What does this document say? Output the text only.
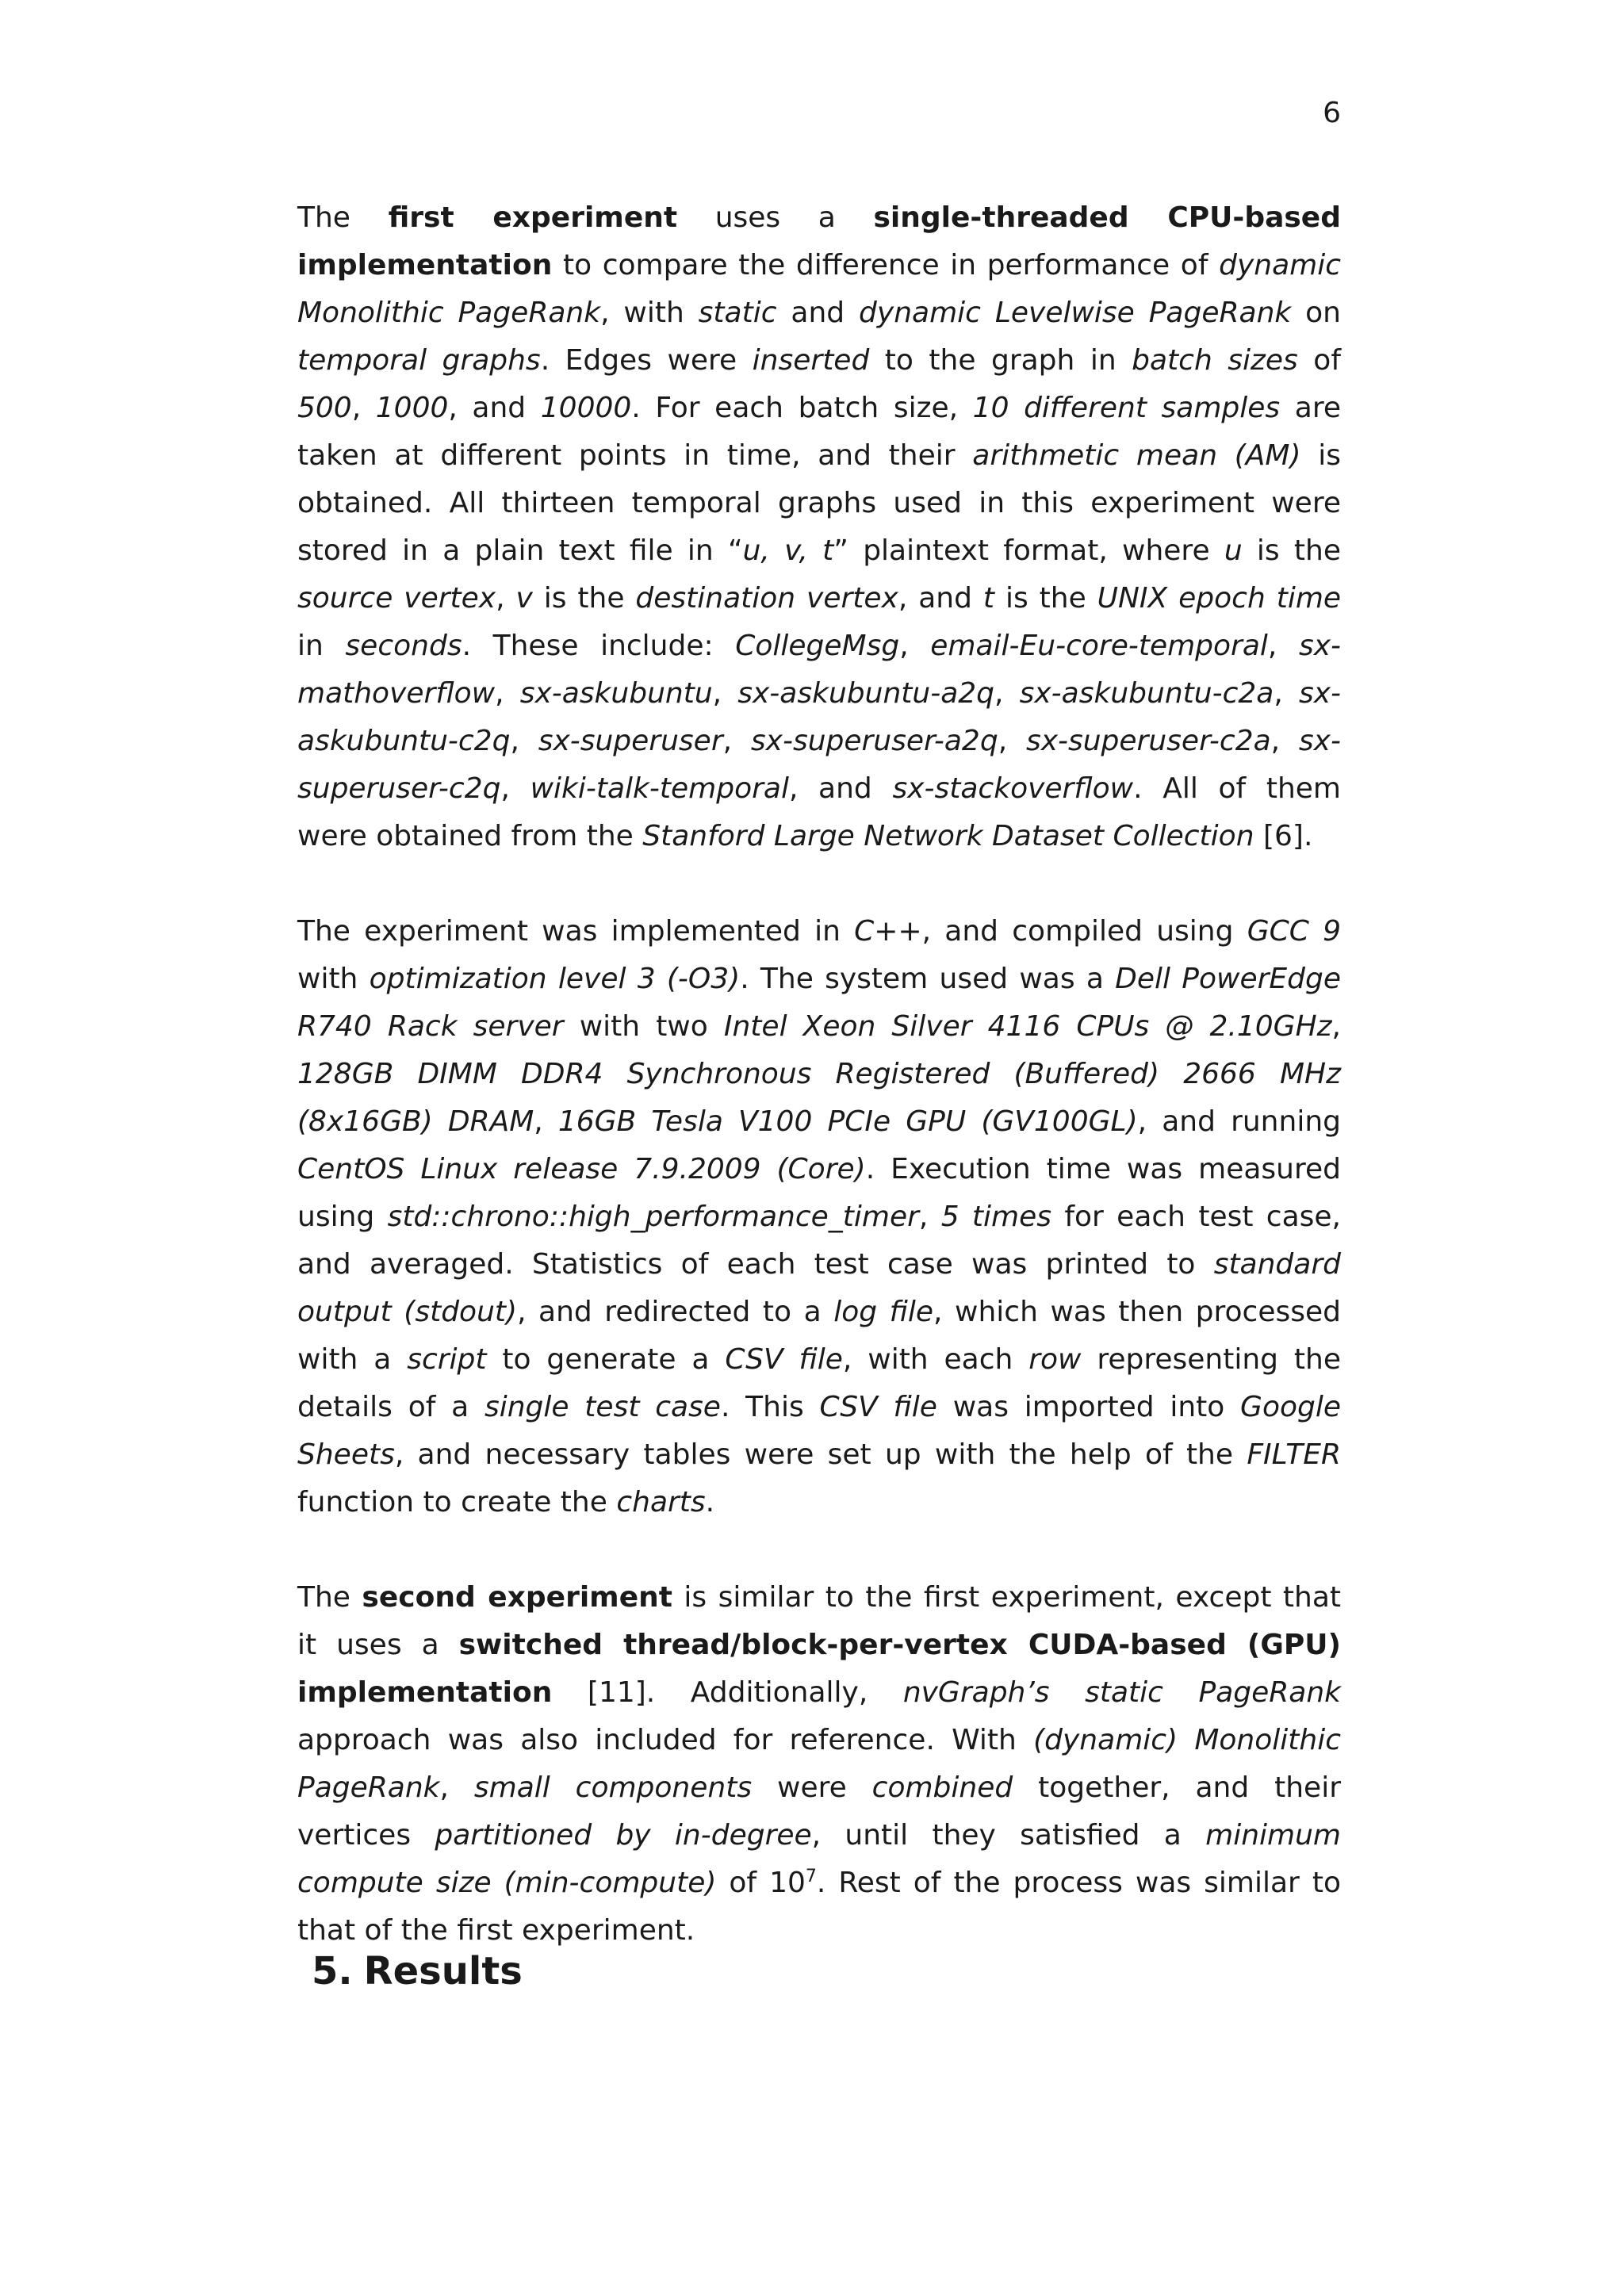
6

The first experiment uses a single-threaded CPU-based implementation to compare the difference in performance of dynamic Monolithic PageRank, with static and dynamic Levelwise PageRank on temporal graphs. Edges were inserted to the graph in batch sizes of 500, 1000, and 10000. For each batch size, 10 different samples are taken at different points in time, and their arithmetic mean (AM) is obtained. All thirteen temporal graphs used in this experiment were stored in a plain text file in “u, v, t” plaintext format, where u is the source vertex, v is the destination vertex, and t is the UNIX epoch time in seconds. These include: CollegeMsg, email-Eu-core-temporal, sx-mathoverflow, sx-askubuntu, sx-askubuntu-a2q, sx-askubuntu-c2a, sx-askubuntu-c2q, sx-superuser, sx-superuser-a2q, sx-superuser-c2a, sx-superuser-c2q, wiki-talk-temporal, and sx-stackoverflow. All of them were obtained from the Stanford Large Network Dataset Collection [6].

The experiment was implemented in C++, and compiled using GCC 9 with optimization level 3 (-O3). The system used was a Dell PowerEdge R740 Rack server with two Intel Xeon Silver 4116 CPUs @ 2.10GHz, 128GB DIMM DDR4 Synchronous Registered (Buffered) 2666 MHz (8x16GB) DRAM, 16GB Tesla V100 PCIe GPU (GV100GL), and running CentOS Linux release 7.9.2009 (Core). Execution time was measured using std::chrono::high_performance_timer, 5 times for each test case, and averaged. Statistics of each test case was printed to standard output (stdout), and redirected to a log file, which was then processed with a script to generate a CSV file, with each row representing the details of a single test case. This CSV file was imported into Google Sheets, and necessary tables were set up with the help of the FILTER function to create the charts.

The second experiment is similar to the first experiment, except that it uses a switched thread/block-per-vertex CUDA-based (GPU) implementation [11]. Additionally, nvGraph’s static PageRank approach was also included for reference. With (dynamic) Monolithic PageRank, small components were combined together, and their vertices partitioned by in-degree, until they satisfied a minimum compute size (min-compute) of $10^7$. Rest of the process was similar to that of the first experiment.

5. Results
